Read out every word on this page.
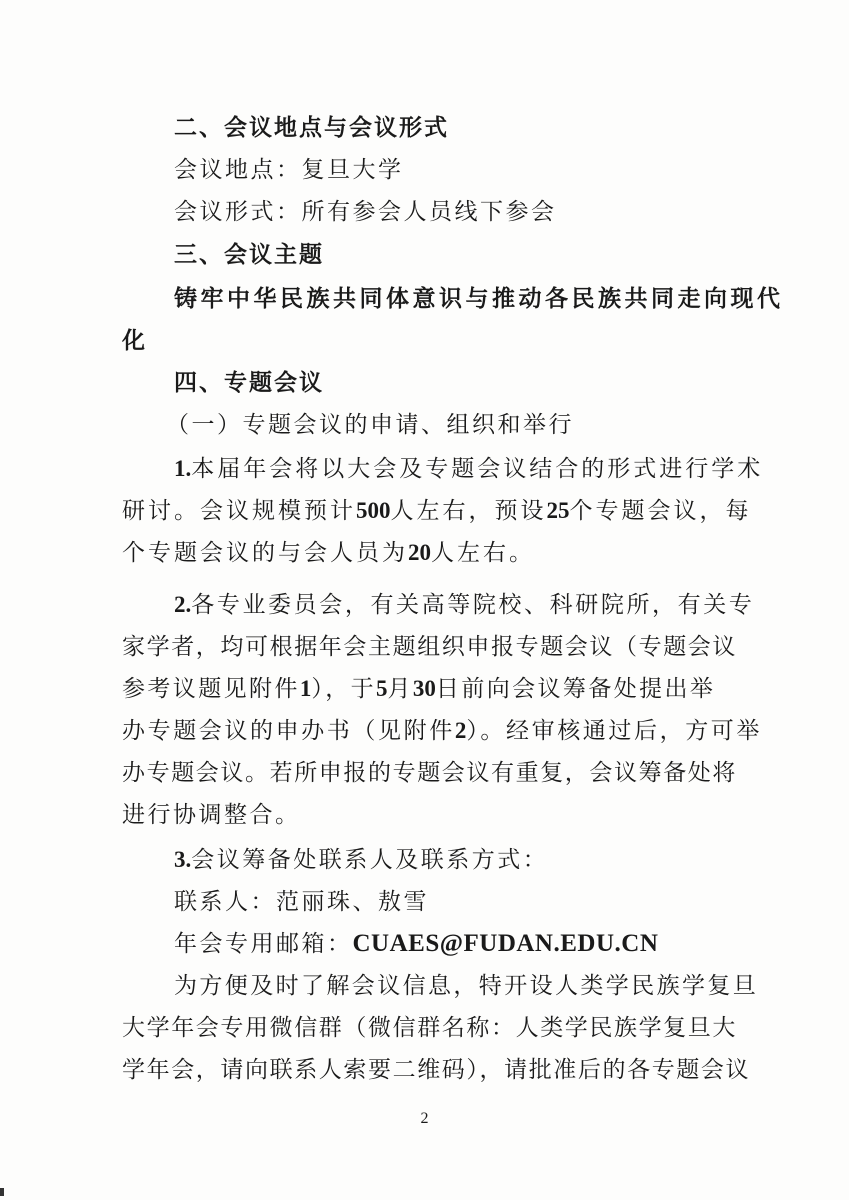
二、会议地点与会议形式
会议地点：复旦大学
会议形式：所有参会人员线下参会
三、会议主题
铸牢中华民族共同体意识与推动各民族共同走向现代
化
四、专题会议
（一）专题会议的申请、组织和举行
1.本届年会将以大会及专题会议结合的形式进行学术
研讨。会议规模预计500人左右，预设25个专题会议，每
个专题会议的与会人员为20人左右。
2.各专业委员会，有关高等院校、科研院所，有关专
家学者，均可根据年会主题组织申报专题会议（专题会议
参考议题见附件1），于5月30日前向会议筹备处提出举
办专题会议的申办书（见附件2）。经审核通过后，方可举
办专题会议。若所申报的专题会议有重复，会议筹备处将
进行协调整合。
3.会议筹备处联系人及联系方式：
联系人：范丽珠、敖雪
年会专用邮箱：CUAES@FUDAN.EDU.CN
为方便及时了解会议信息，特开设人类学民族学复旦
大学年会专用微信群（微信群名称：人类学民族学复旦大
学年会，请向联系人索要二维码），请批准后的各专题会议
2
